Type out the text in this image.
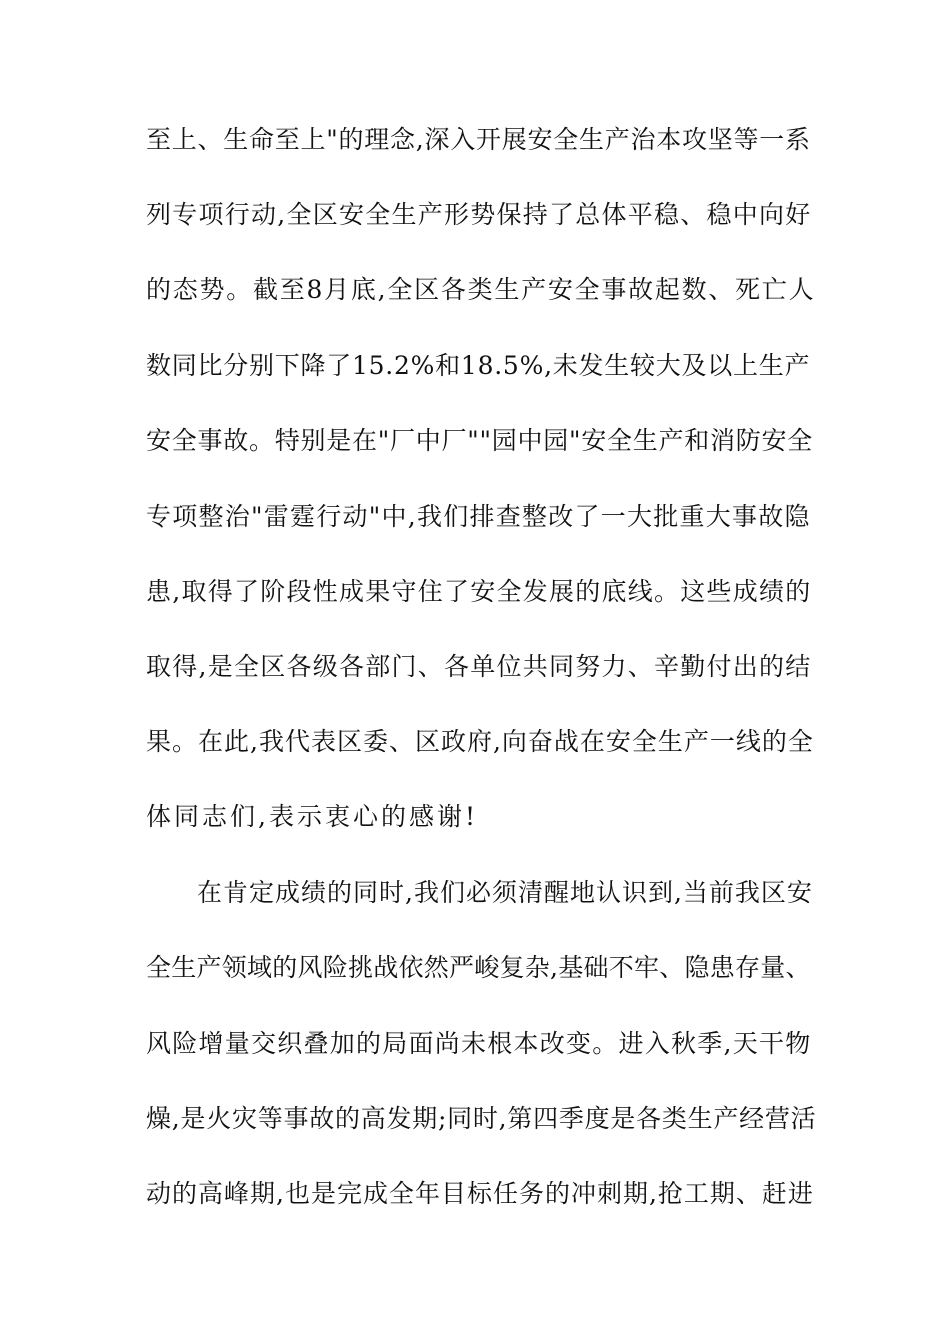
至上、生命至上"的理念,深入开展安全生产治本攻坚等一系
列专项行动,全区安全生产形势保持了总体平稳、稳中向好
的态势。截至8月底,全区各类生产安全事故起数、死亡人
数同比分别下降了15.2%和18.5%,未发生较大及以上生产
安全事故。特别是在"厂中厂""园中园"安全生产和消防安全
专项整治"雷霆行动"中,我们排查整改了一大批重大事故隐
患,取得了阶段性成果守住了安全发展的底线。这些成绩的
取得,是全区各级各部门、各单位共同努力、辛勤付出的结
果。在此,我代表区委、区政府,向奋战在安全生产一线的全
体同志们,表示衷心的感谢!
在肯定成绩的同时,我们必须清醒地认识到,当前我区安
全生产领域的风险挑战依然严峻复杂,基础不牢、隐患存量、
风险增量交织叠加的局面尚未根本改变。进入秋季,天干物
燥,是火灾等事故的高发期;同时,第四季度是各类生产经营活
动的高峰期,也是完成全年目标任务的冲刺期,抢工期、赶进
